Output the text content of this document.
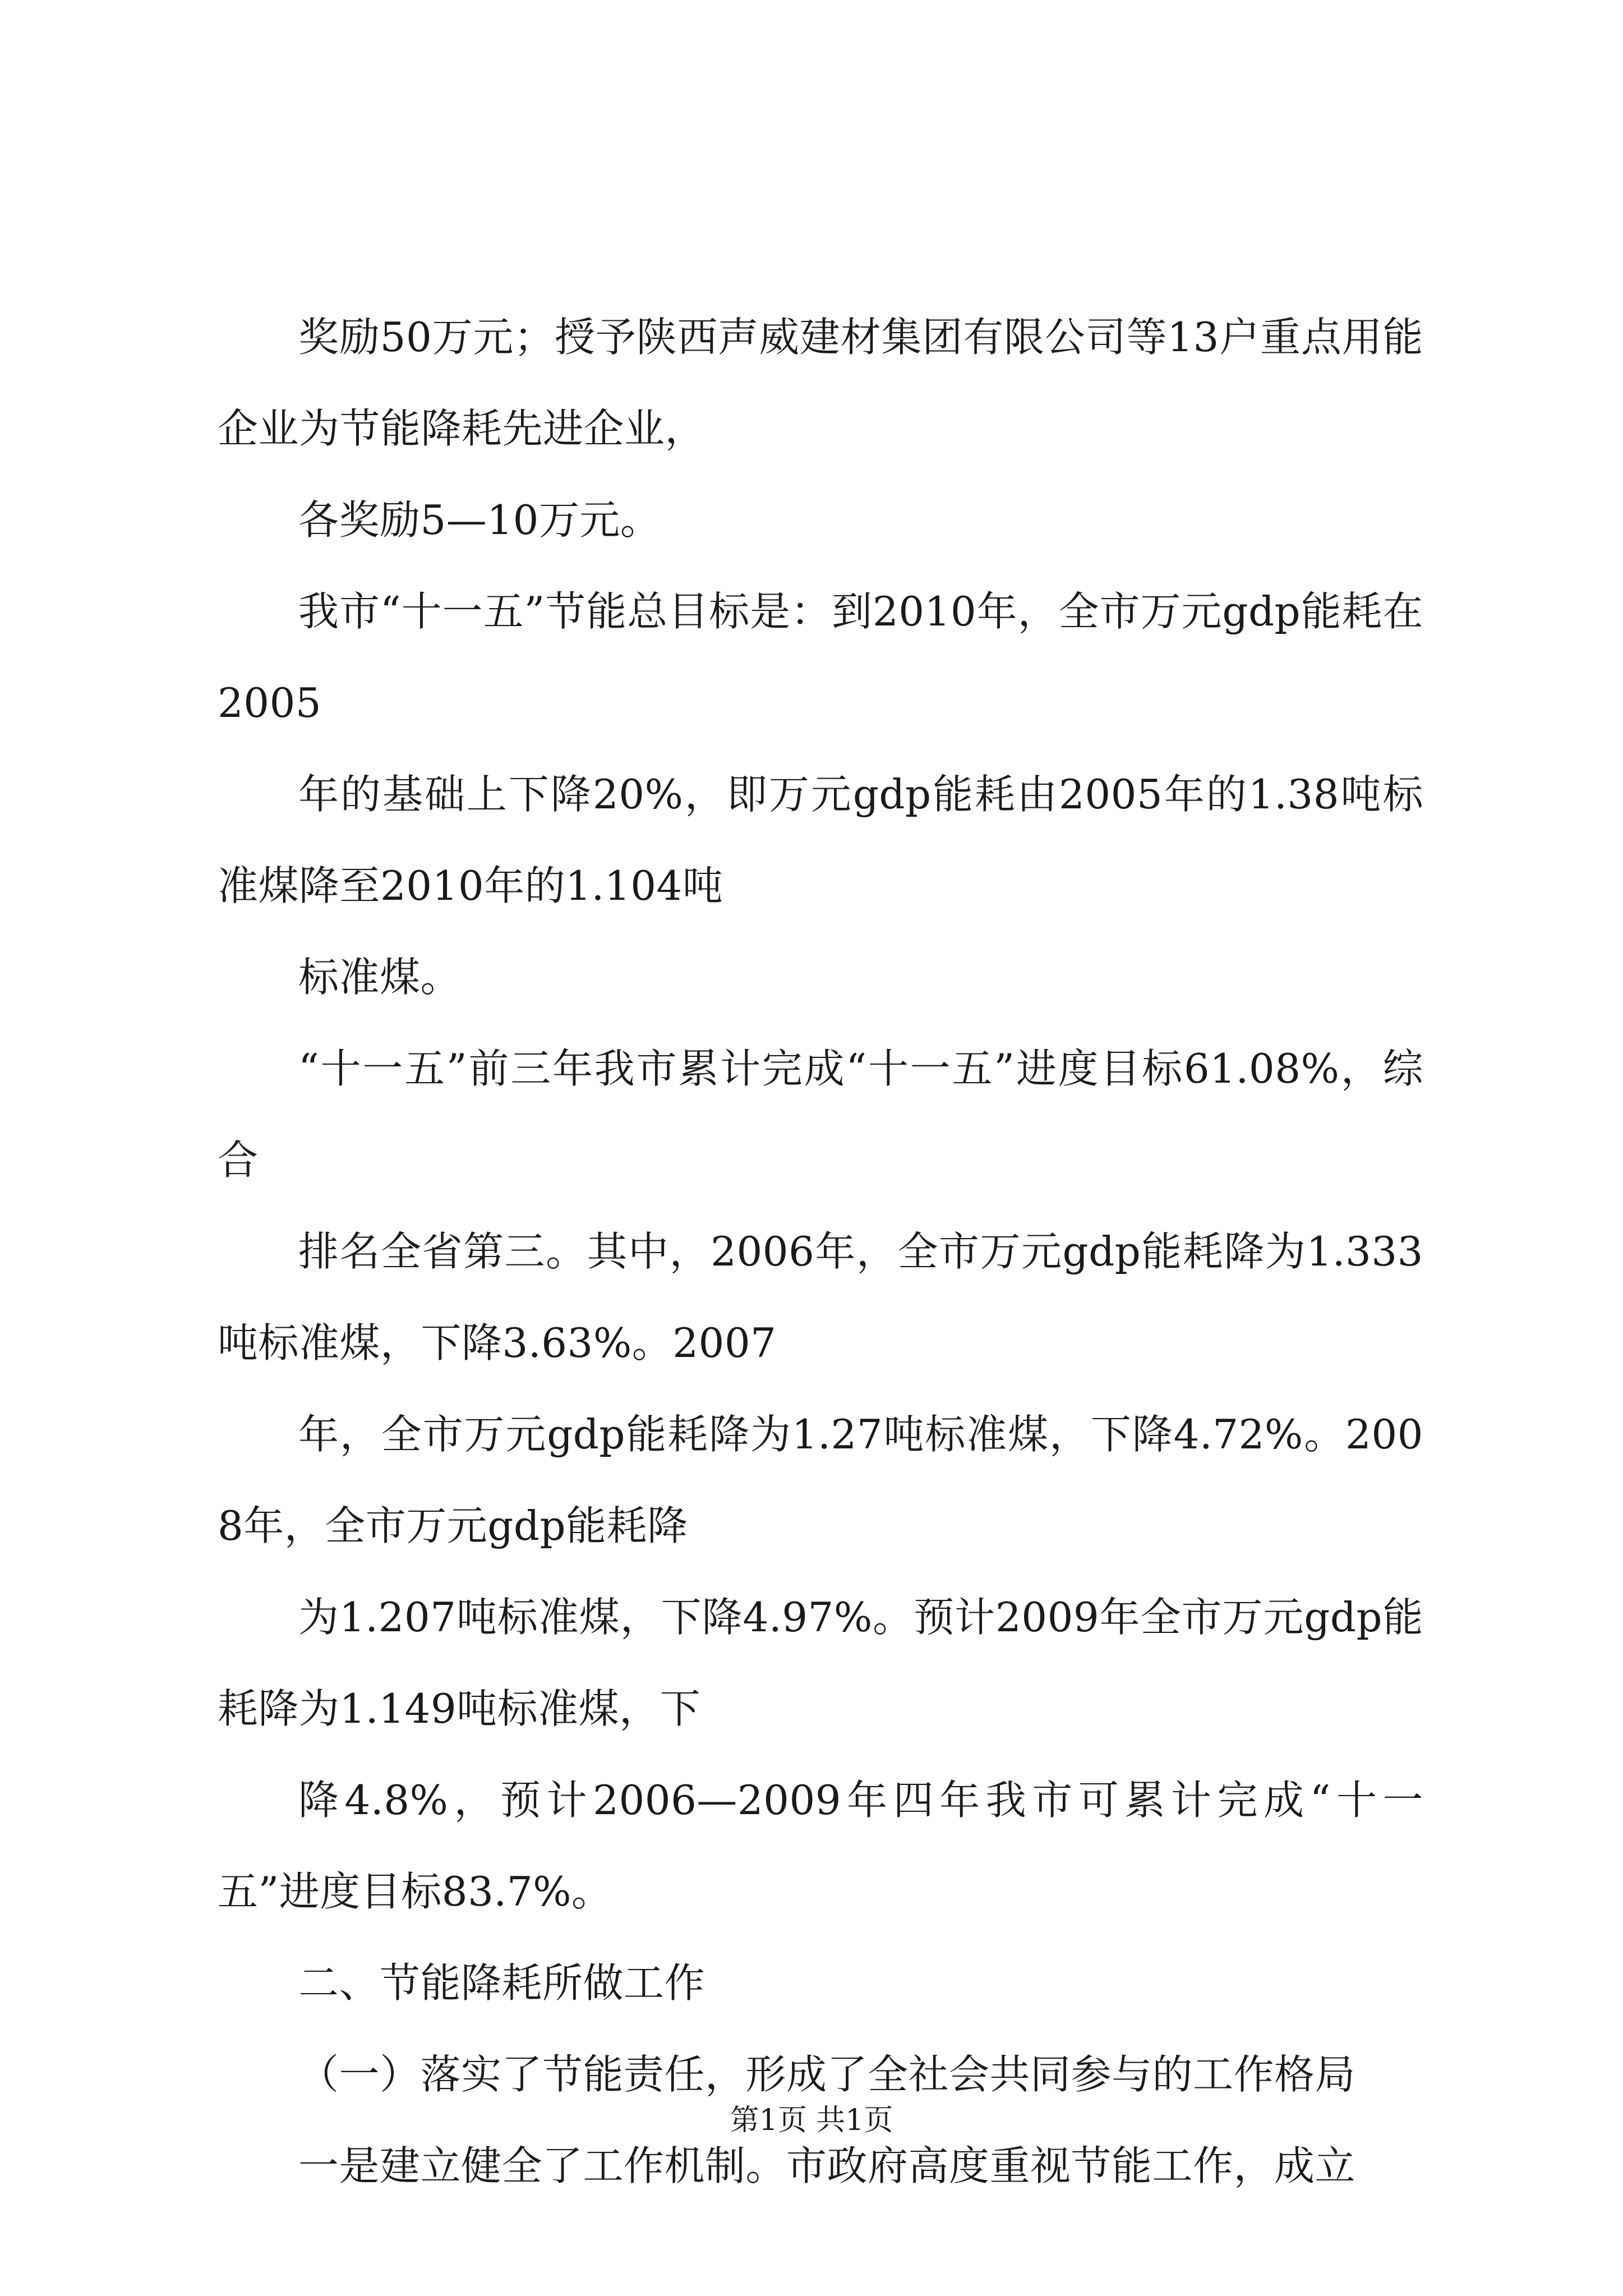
奖励50万元；授予陕西声威建材集团有限公司等13户重点用能企业为节能降耗先进企业，

各奖励5—10万元。

我市“十一五”节能总目标是：到2010年，全市万元gdp能耗在2005

年的基础上下降20%，即万元gdp能耗由2005年的1.38吨标准煤降至2010年的1.104吨

标准煤。

“十一五”前三年我市累计完成“十一五”进度目标61.08%，综合

排名全省第三。其中，2006年，全市万元gdp能耗降为1.333吨标准煤，下降3.63%。2007

年，全市万元gdp能耗降为1.27吨标准煤，下降4.72%。2008年，全市万元gdp能耗降

为1.207吨标准煤，下降4.97%。预计2009年全市万元gdp能耗降为1.149吨标准煤，下

降4.8%，预计2006—2009年四年我市可累计完成“十一五”进度目标83.7%。

二、节能降耗所做工作

（一）落实了节能责任，形成了全社会共同参与的工作格局

一是建立健全了工作机制。市政府高度重视节能工作，成立

第1页 共1页
